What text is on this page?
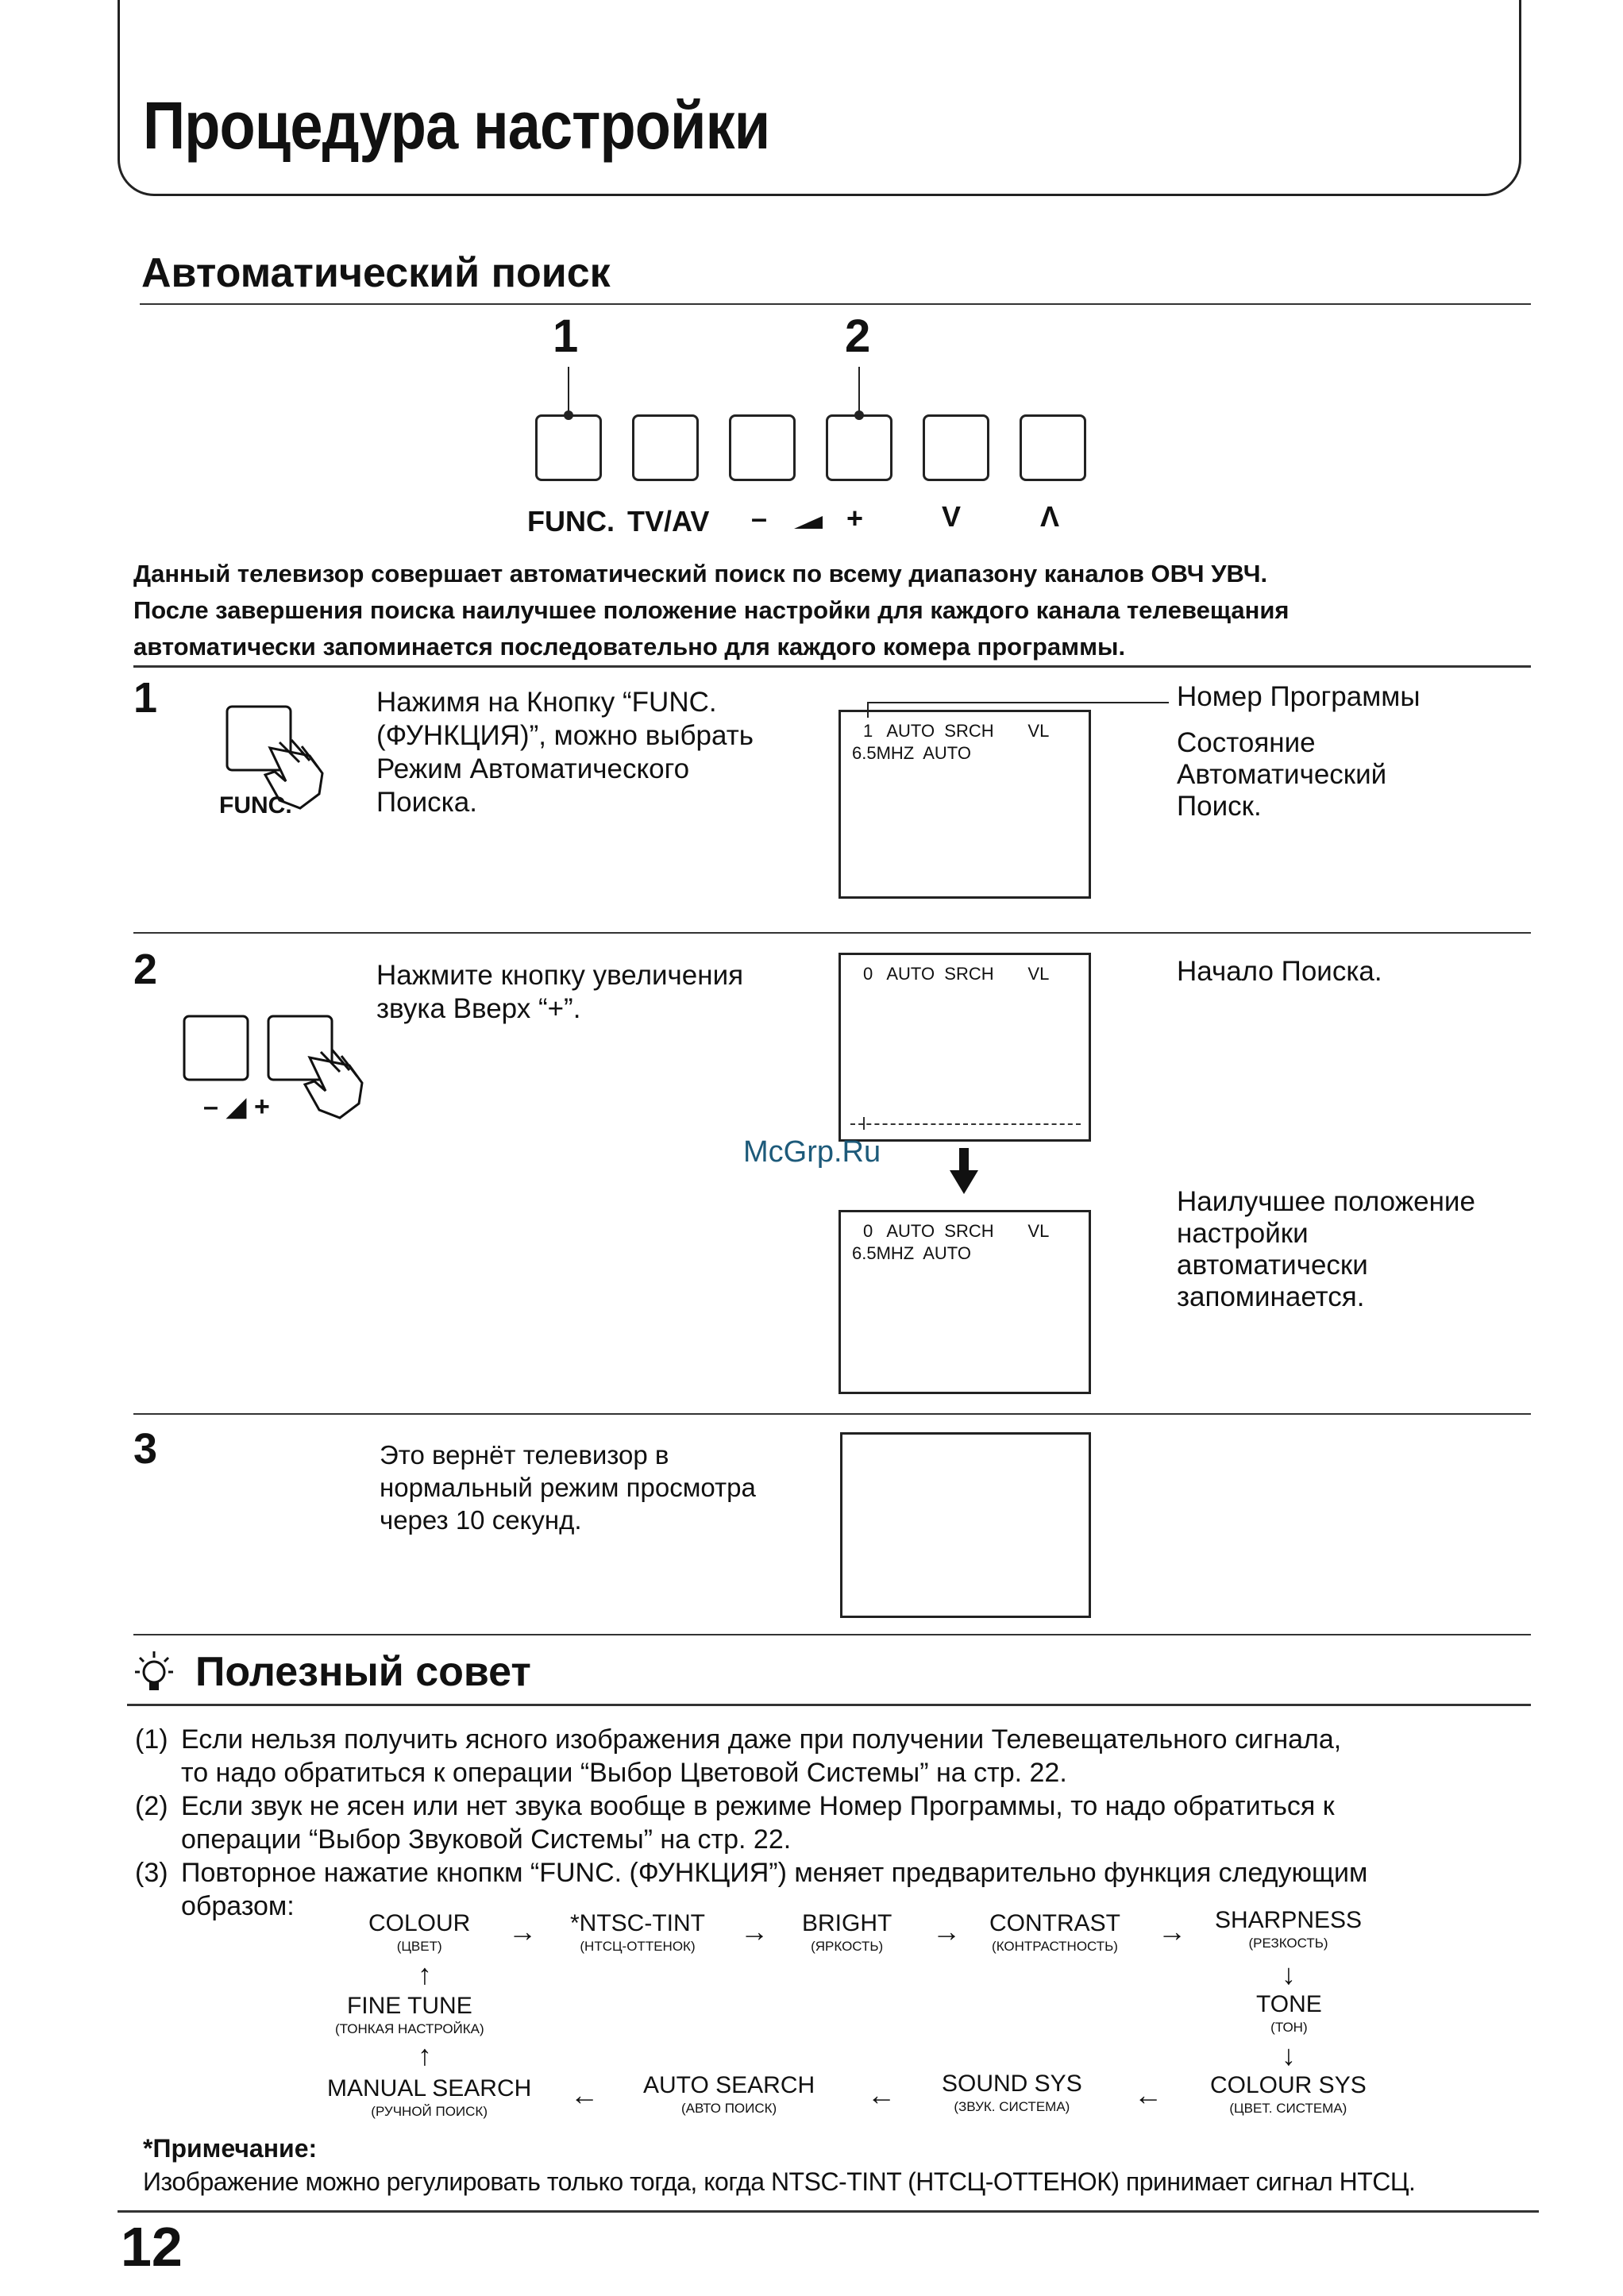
Процедура настройки
Автоматический поиск
1	2
FUNC. TV/AV –	+	V	Λ
Данный телевизор совершает автоматический поиск по всему диапазону каналов ОВЧ УВЧ.
После завершения поиска наилучшее положение настройки для каждого канала телевещания
автоматически запоминается последовательно для каждого комера программы.
1
FUNC.
Нажимя на Кнопку “FUNC.
(ФУНКЦИЯ)”, можно выбрать
Режим Автоматического
Поиска.
1   AUTO  SRCH       VL
6.5MHZ  AUTO
Номер Программы
Состояние
Автоматический
Поиск.
2
– ◢ +
Нажмите кнопку увеличения
звука Вверх “+”.
0   AUTO  SRCH       VL	Начало Поиска.
McGrp.Ru
0   AUTO  SRCH       VL
6.5MHZ  AUTO
Наилучшее положение
настройки
автоматически
запоминается.
3	Это вернёт телевизор в
нормальный режим просмотра
через 10 секунд.
Полезный совет
(1) Если нельзя получить ясного изображения даже при получении Телевещательного сигнала,
то надо обратиться к операции “Выбор Цветовой Системы” на стр. 22.
(2) Если звук не ясен или нет звука вообще в режиме Номер Программы, то надо обратиться к
операции “Выбор Звуковой Системы” на стр. 22.
(3) Повторное нажатие кнопкм “FUNC. (ФУНКЦИЯ”) меняет предварительно функция следующим
образом:
COLOUR
(ЦВЕТ)	→ *NTSC-TINT
(НТСЦ-ОТТЕНОК)	→ BRIGHT
(ЯРКОСТЬ)	→ CONTRAST
(КОНТРАСТНОСТЬ) → SHARPNESS
(РЕЗКОСТЬ)
↑	↓
FINE TUNE
(ТОНКАЯ НАСТРОЙКА)
TONE
(ТОН)
↑	↓
MANUAL SEARCH
(РУЧНОЙ ПОИСК)
← AUTO SEARCH
(АВТО ПОИСК)	← SOUND SYS
(ЗВУК. СИСТЕМА)	← COLOUR SYS
(ЦВЕТ. СИСТЕМА)
*Примечание:
Изображение можно регулировать только тогда, когда NTSC-TINT (НТСЦ-ОТТЕНОК) принимает сигнал НТСЦ.
12
